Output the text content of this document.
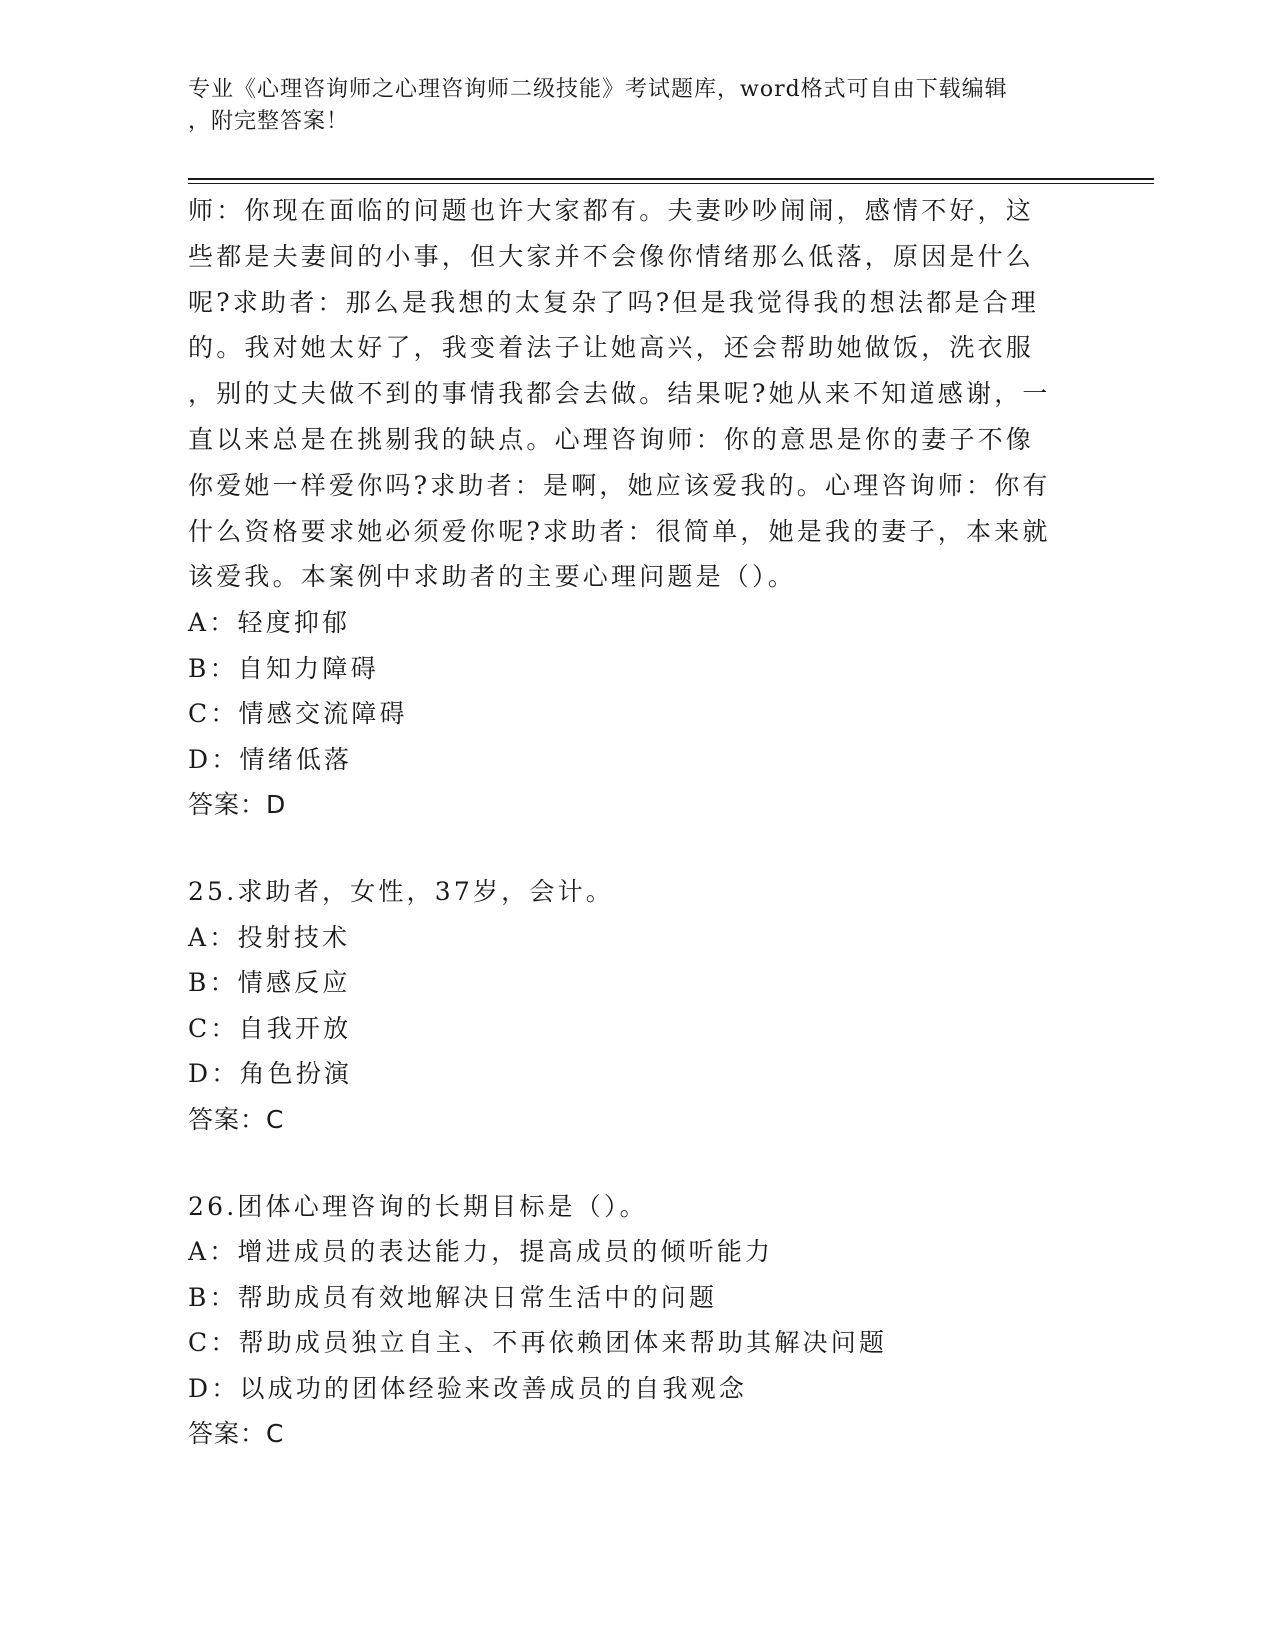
专业《心理咨询师之心理咨询师二级技能》考试题库，word格式可自由下载编辑
，附完整答案！
师：你现在面临的问题也许大家都有。夫妻吵吵闹闹，感情不好，这
些都是夫妻间的小事，但大家并不会像你情绪那么低落，原因是什么
呢?求助者：那么是我想的太复杂了吗?但是我觉得我的想法都是合理
的。我对她太好了，我变着法子让她高兴，还会帮助她做饭，洗衣服
，别的丈夫做不到的事情我都会去做。结果呢?她从来不知道感谢，一
直以来总是在挑剔我的缺点。心理咨询师：你的意思是你的妻子不像
你爱她一样爱你吗?求助者：是啊，她应该爱我的。心理咨询师：你有
什么资格要求她必须爱你呢?求助者：很简单，她是我的妻子，本来就
该爱我。本案例中求助者的主要心理问题是（）。
A：轻度抑郁
B：自知力障碍
C：情感交流障碍
D：情绪低落
答案：D
25.求助者，女性，37岁，会计。
A：投射技术
B：情感反应
C：自我开放
D：角色扮演
答案：C
26.团体心理咨询的长期目标是（）。
A：增进成员的表达能力，提高成员的倾听能力
B：帮助成员有效地解决日常生活中的问题
C：帮助成员独立自主、不再依赖团体来帮助其解决问题
D：以成功的团体经验来改善成员的自我观念
答案：C
